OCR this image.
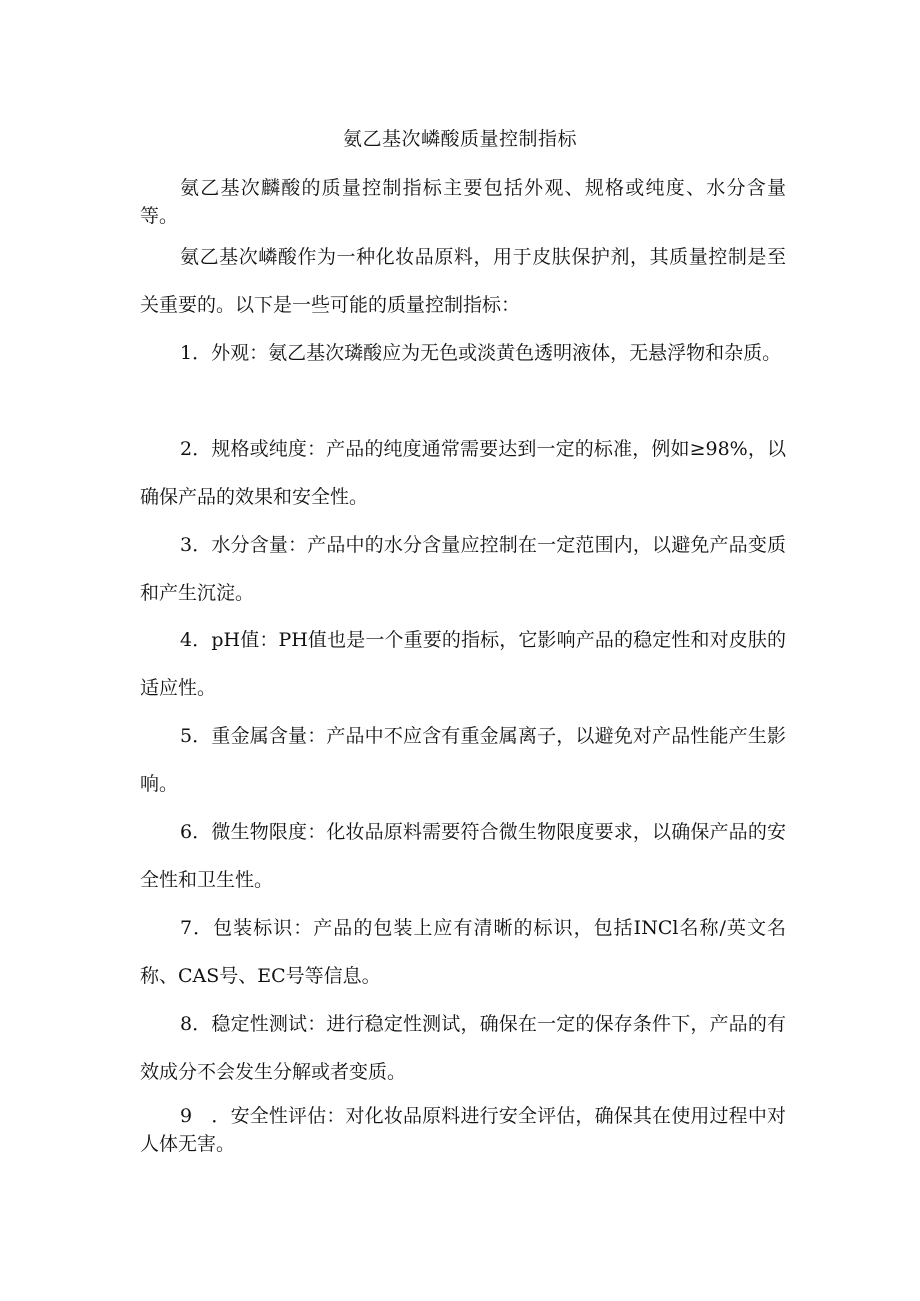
氨乙基次嶙酸质量控制指标

氨乙基次麟酸的质量控制指标主要包括外观、规格或纯度、水分含量等。

氨乙基次嶙酸作为一种化妆品原料，用于皮肤保护剂，其质量控制是至关重要的。以下是一些可能的质量控制指标：

1．外观：氨乙基次璘酸应为无色或淡黄色透明液体，无悬浮物和杂质。

2．规格或纯度：产品的纯度通常需要达到一定的标准，例如≥98%，以确保产品的效果和安全性。

3．水分含量：产品中的水分含量应控制在一定范围内，以避免产品变质和产生沉淀。

4．pH值：PH值也是一个重要的指标，它影响产品的稳定性和对皮肤的适应性。

5．重金属含量：产品中不应含有重金属离子，以避免对产品性能产生影响。

6．微生物限度：化妆品原料需要符合微生物限度要求，以确保产品的安全性和卫生性。

7．包装标识：产品的包装上应有清晰的标识，包括INCl名称/英文名称、CAS号、EC号等信息。

8．稳定性测试：进行稳定性测试，确保在一定的保存条件下，产品的有效成分不会发生分解或者变质。

9　．安全性评估：对化妆品原料进行安全评估，确保其在使用过程中对人体无害。
